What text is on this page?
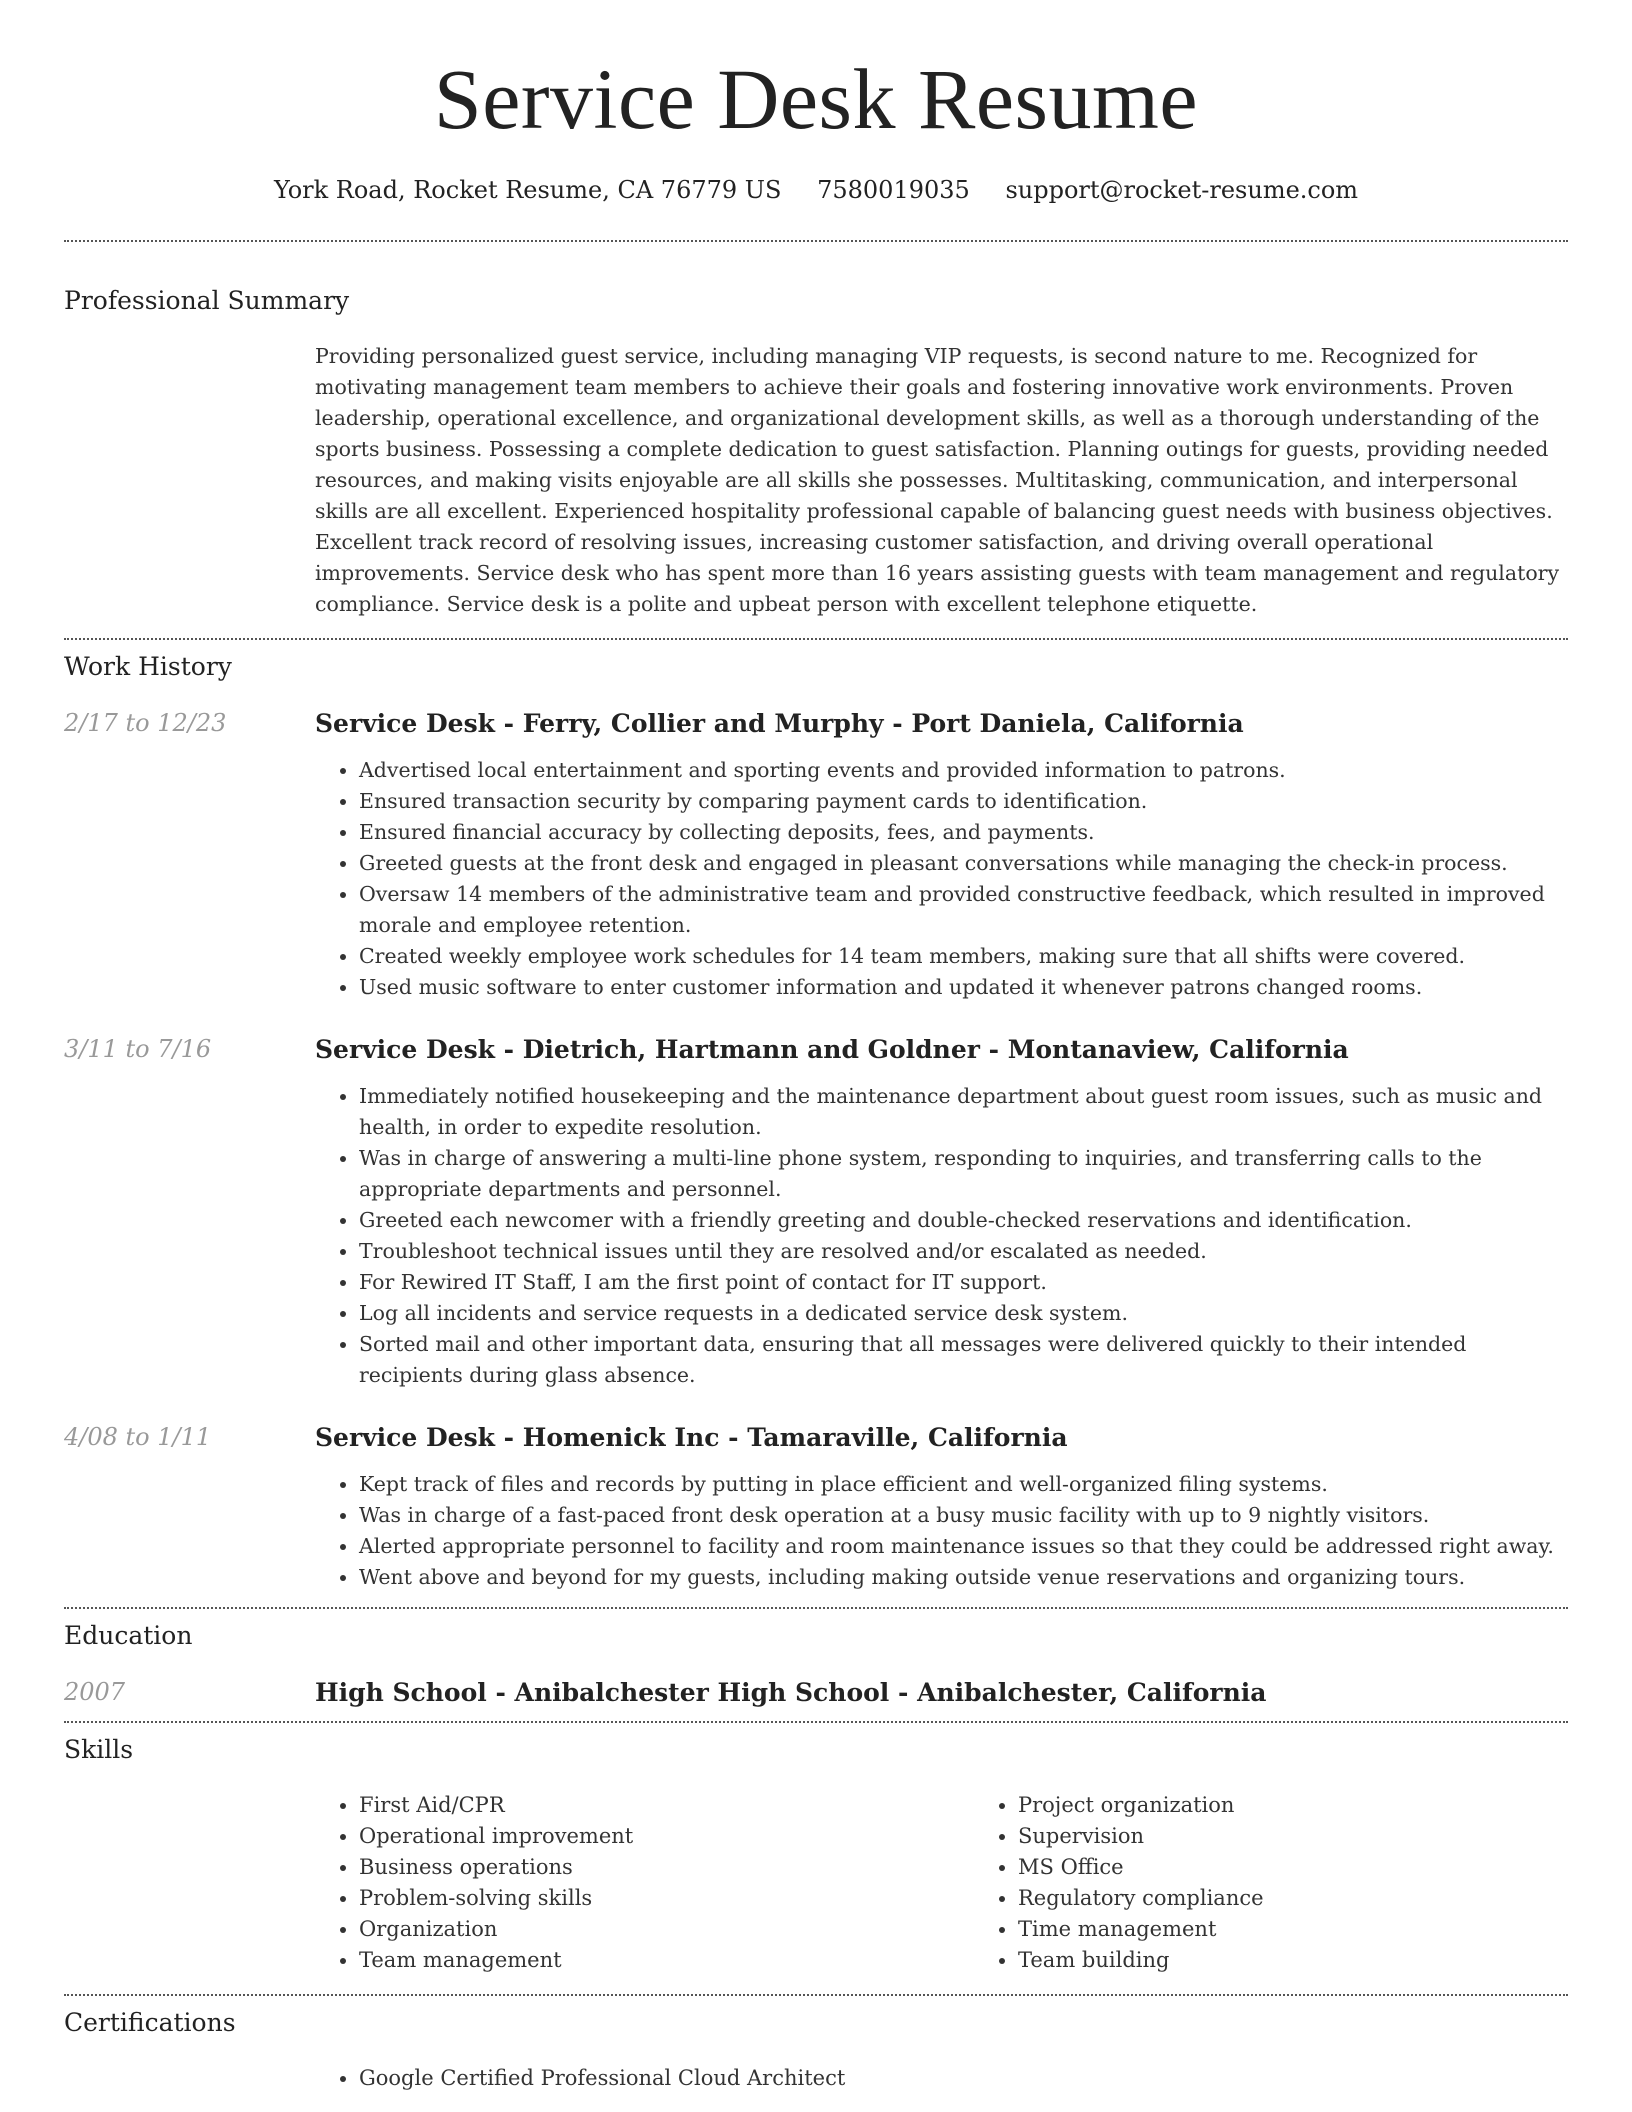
Service Desk Resume
York Road, Rocket Resume, CA 76779 US 7580019035 support@rocket-resume.com
Professional Summary

Providing personalized guest service, including managing VIP requests, is second nature to me. Recognized for motivating management team members to achieve their goals and fostering innovative work environments. Proven leadership, operational excellence, and organizational development skills, as well as a thorough understanding of the sports business. Possessing a complete dedication to guest satisfaction. Planning outings for guests, providing needed resources, and making visits enjoyable are all skills she possesses. Multitasking, communication, and interpersonal skills are all excellent. Experienced hospitality professional capable of balancing guest needs with business objectives. Excellent track record of resolving issues, increasing customer satisfaction, and driving overall operational improvements. Service desk who has spent more than 16 years assisting guests with team management and regulatory compliance. Service desk is a polite and upbeat person with excellent telephone etiquette.

Work History
2/17 to 12/23	Service Desk - Ferry, Collier and Murphy - Port Daniela, California
• Advertised local entertainment and sporting events and provided information to patrons.
• Ensured transaction security by comparing payment cards to identification.
• Ensured financial accuracy by collecting deposits, fees, and payments.
• Greeted guests at the front desk and engaged in pleasant conversations while managing the check-in process.
• Oversaw 14 members of the administrative team and provided constructive feedback, which resulted in improved morale and employee retention.
• Created weekly employee work schedules for 14 team members, making sure that all shifts were covered.
• Used music software to enter customer information and updated it whenever patrons changed rooms.
3/11 to 7/16	Service Desk - Dietrich, Hartmann and Goldner - Montanaview, California
• Immediately notified housekeeping and the maintenance department about guest room issues, such as music and health, in order to expedite resolution.
• Was in charge of answering a multi-line phone system, responding to inquiries, and transferring calls to the appropriate departments and personnel.
• Greeted each newcomer with a friendly greeting and double-checked reservations and identification.
• Troubleshoot technical issues until they are resolved and/or escalated as needed.
• For Rewired IT Staff, I am the first point of contact for IT support.
• Log all incidents and service requests in a dedicated service desk system.
• Sorted mail and other important data, ensuring that all messages were delivered quickly to their intended recipients during glass absence.
4/08 to 1/11	Service Desk - Homenick Inc - Tamaraville, California
• Kept track of files and records by putting in place efficient and well-organized filing systems.
• Was in charge of a fast-paced front desk operation at a busy music facility with up to 9 nightly visitors.
• Alerted appropriate personnel to facility and room maintenance issues so that they could be addressed right away.
• Went above and beyond for my guests, including making outside venue reservations and organizing tours.
Education
2007	High School - Anibalchester High School - Anibalchester, California
Skills
• First Aid/CPR
• Operational improvement
• Business operations
• Problem-solving skills
• Organization
• Team management
• Project organization
• Supervision
• MS Office
• Regulatory compliance
• Time management
• Team building
Certifications
• Google Certified Professional Cloud Architect
